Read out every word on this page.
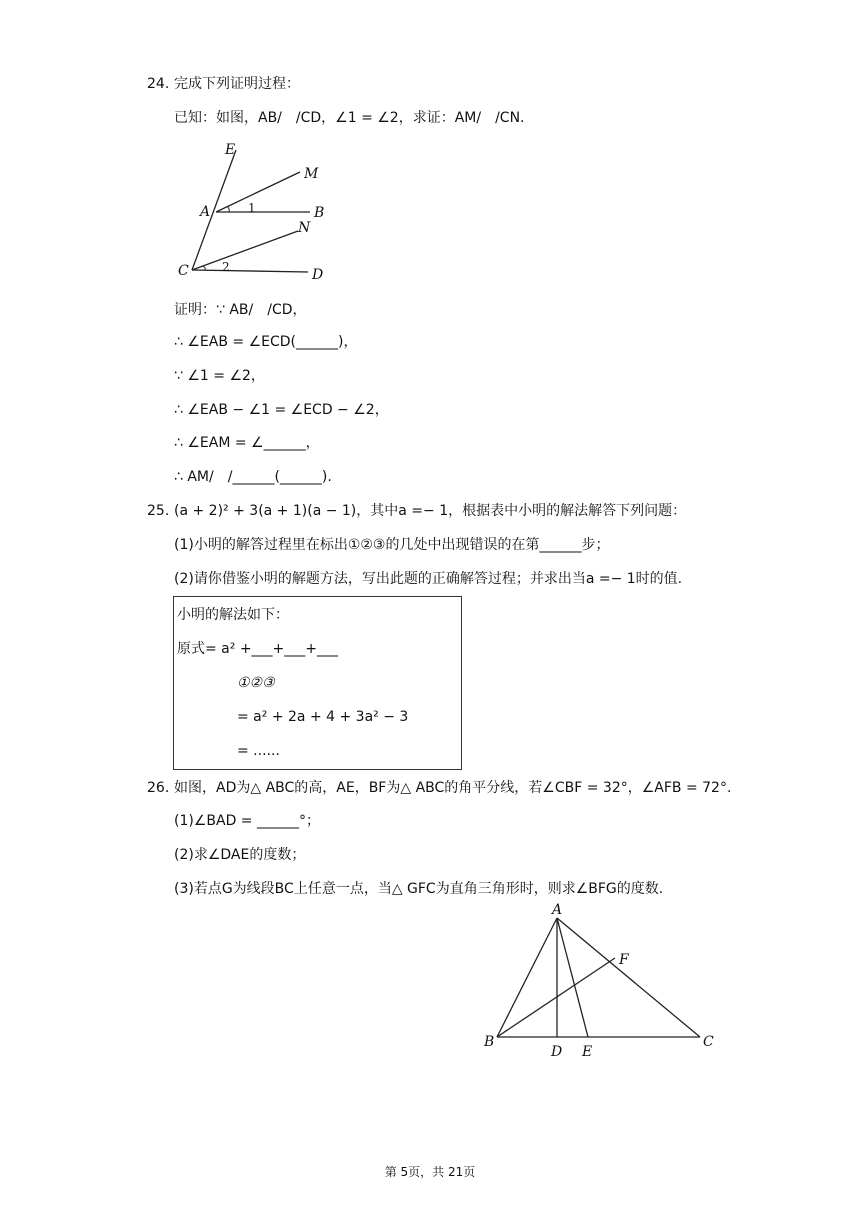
24. 完成下列证明过程：
已知：如图，AB/　/CD，∠1 = ∠2，求证：AM/　/CN.
E
M
A	1	B
N
C	2	D
证明：∵ AB/　/CD，
∴ ∠EAB = ∠ECD(______)，
∵ ∠1 = ∠2，
∴ ∠EAB − ∠1 = ∠ECD − ∠2，
∴ ∠EAM = ∠______，
∴ AM/　/______(______).
25. (a + 2)² + 3(a + 1)(a − 1)，其中a =− 1，根据表中小明的解法解答下列问题：
(1)小明的解答过程里在标出①②③的几处中出现错误的在第______步；
(2)请你借鉴小明的解题方法，写出此题的正确解答过程；并求出当a =− 1时的值.
小明的解法如下：
原式= a² +___+___+___
①②③
= a² + 2a + 4 + 3a² − 3
= ......
26. 如图，AD为△ ABC的高，AE，BF为△ ABC的角平分线，若∠CBF = 32°，∠AFB = 72°.
(1)∠BAD = ______°；
(2)求∠DAE的度数；
(3)若点G为线段BC上任意一点，当△ GFC为直角三角形时，则求∠BFG的度数.
A
F
B
D E
C
第 5页，共 21页
